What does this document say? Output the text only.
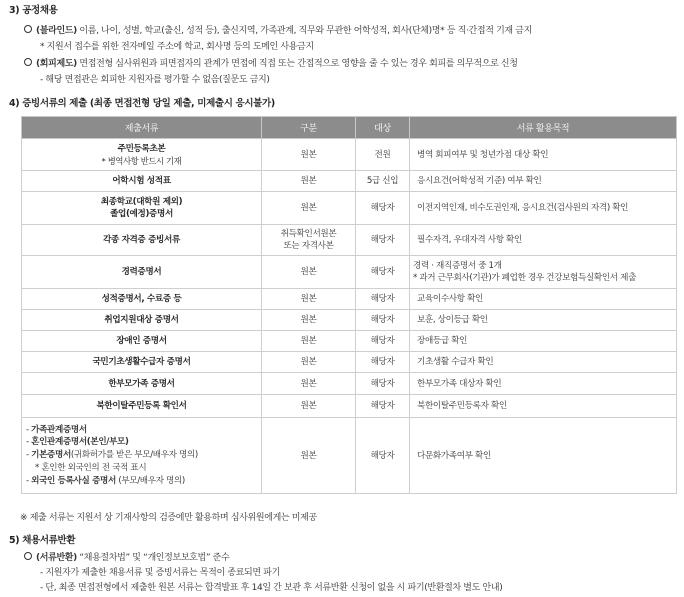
3) 공정채용
(블라인드) 이름, 나이, 성별, 학교(출신, 성적 등), 출신지역, 가족관계, 직무와 무관한 어학성적, 회사(단체)명* 등 직·간접적 기재 금지
* 지원서 접수를 위한 전자메일 주소에 학교, 회사명 등의 도메인 사용금지
(회피제도) 면접전형 심사위원과 피면접자의 관계가 면접에 직접 또는 간접적으로 영향을 줄 수 있는 경우 회피를 의무적으로 신청
- 해당 면접관은 회피한 지원자를 평가할 수 없음(질문도 금지)
4) 증빙서류의 제출 (최종 면접전형 당일 제출, 미제출시 응시불가)
제출서류	구분	대상	서류 활용목적

주민등록초본
* 병역사항 반드시 기재	원본	전원	병역 회피여부 및 청년가점 대상 확인
어학시험 성적표	원본	5급 신입	응시요건(어학성적 기준) 여부 확인

최종학교(대학원 제외)
졸업(예정)증명서	원본	해당자	이전지역인재, 비수도권인재, 응시요건(검사원의 자격) 확인
각종 자격증 증빙서류	취득확인서원본
또는 자격사본	해당자	필수자격, 우대자격 사항 확인
경력증명서	원본	해당자	경력 · 재직증명서 중 1개
* 과거 근무회사(기관)가 폐업한 경우 건강보험득실확인서 제출

성적증명서, 수료증 등	원본	해당자	교육이수사항 확인
취업지원대상 증명서	원본	해당자	보훈, 상이등급 확인
장애인 증명서	원본	해당자	장애등급 확인
국민기초생활수급자 증명서	원본	해당자	기초생활 수급자 확인
한부모가족 증명서	원본	해당자	한부모가족 대상자 확인
북한이탈주민등록 확인서	원본	해당자	북한이탈주민등록자 확인

- 가족관계증명서
- 혼인관계증명서(본인/부모)
- 기본증명서(귀화허가를 받은 부모/배우자 명의)
* 혼인한 외국인의 전 국적 표시
- 외국인 등록사실 증명서 (부모/배우자 명의)	원본	해당자	다문화가족여부 확인
※ 제출 서류는 지원서 상 기재사항의 검증에만 활용하며 심사위원에게는 미제공
5) 채용서류반환
(서류반환) “채용절차법” 및 “개인정보보호법” 준수
- 지원자가 제출한 채용서류 및 증빙서류는 목적이 종료되면 파기
- 단, 최종 면접전형에서 제출한 원본 서류는 합격발표 후 14일 간 보관 후 서류반환 신청이 없을 시 파기(반환절차 별도 안내)
